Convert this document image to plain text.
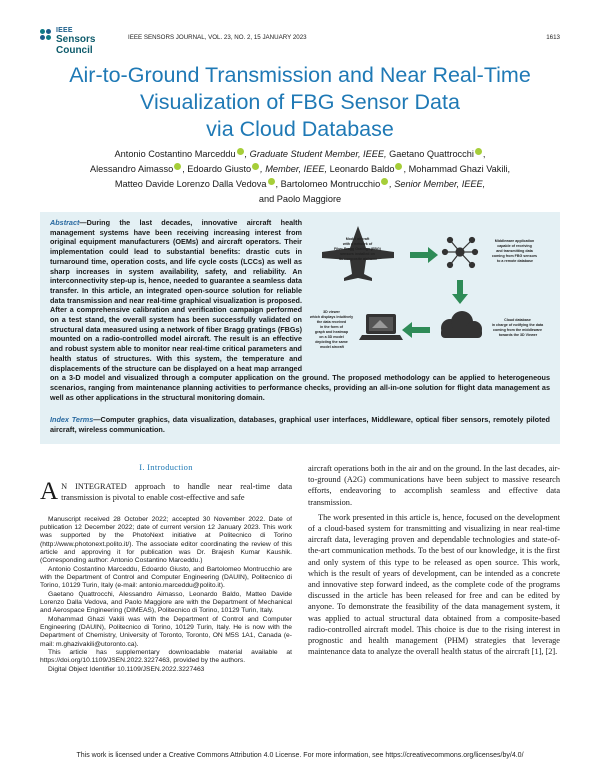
IEEE
Sensors Council
IEEE SENSORS JOURNAL, VOL. 23, NO. 2, 15 JANUARY 2023	1613
Air-to-Ground Transmission and Near Real-Time
Visualization of FBG Sensor Data
via Cloud Database
Antonio Costantino Marceddu , Graduate Student Member, IEEE, Gaetano Quattrocchi ,
Alessandro Aimasso , Edoardo Giusto , Member, IEEE, Leonardo Baldo , Mohammad Ghazi Vakili,
Matteo Davide Lorenzo Dalla Vedova , Bartolomeo Montrucchio , Senior Member, IEEE,
and Paolo Maggiore
Model aircraft with a network of Fiber Bragg Gratings (FBG) sensors installed on its composite airframe
Middleware application capable of receiving and transmitting data coming from FBG sensors to a remote database
Cloud database in charge of notifying the data coming from the middleware towards the 3D Viewer
3D viewer which displays intuitively the data received in the form of graph and heatmap on a 3D model depicting the same model aircraft
Abstract—During the last decades, innovative aircraft health management systems have been receiving increasing interest from original equipment manufacturers (OEMs) and aircraft operators. Their implementation could lead to substantial benefits: drastic cuts in turnaround time, operation costs, and life cycle costs (LCCs) as well as sharp increases in system availability, safety, and reliability. An interconnectivity step-up is, hence, needed to guarantee a seamless data transfer. In this article, an integrated open-source solution for reliable data transmission and near real-time graphical visualization is proposed. After a comprehensive calibration and verification campaign performed on a test stand, the overall system has been successfully validated on structural data measured using a network of fiber Bragg gratings (FBGs) mounted on a radio-controlled model aircraft. The result is an effective and robust system able to monitor near real-time critical parameters and health status of structures. With this system, the temperature and displacements of the structure can be displayed on a heat map arranged on a 3-D model and visualized through a computer application on the ground. The proposed methodology can be applied to heterogeneous scenarios, ranging from maintenance planning activities to performance checks, providing an all-in-one solution for flight data management as well as other applications in the structural monitoring domain.
Index Terms—Computer graphics, data visualization, databases, graphical user interfaces, Middleware, optical fiber sensors, remotely piloted aircraft, wireless communication.
I. Introduction
A N INTEGRATED approach to handle near real-time data transmission is pivotal to enable cost-effective and safe

Manuscript received 28 October 2022; accepted 30 November 2022. Date of publication 12 December 2022; date of current version 12 January 2023. This work was supported by the PhotoNext initiative at Politecnico di Torino (http://www.photonext.polito.it/). The associate editor coordinating the review of this article and approving it for publication was Dr. Brajesh Kumar Kaushik. (Corresponding author: Antonio Costantino Marceddu.)

Antonio Costantino Marceddu, Edoardo Giusto, and Bartolomeo Montrucchio are with the Department of Control and Computer Engineering (DAUIN), Politecnico di Torino, 10129 Turin, Italy (e-mail: antonio.marceddu@polito.it).

Gaetano Quattrocchi, Alessandro Aimasso, Leonardo Baldo, Matteo Davide Lorenzo Dalla Vedova, and Paolo Maggiore are with the Department of Mechanical and Aerospace Engineering (DIMEAS), Politecnico di Torino, 10129 Turin, Italy.

Mohammad Ghazi Vakili was with the Department of Control and Computer Engineering (DAUIN), Politecnico di Torino, 10129 Turin, Italy. He is now with the Department of Chemistry, University of Toronto, Toronto, ON M5S 1A1, Canada (e-mail: m.ghazivakili@utoronto.ca).

This article has supplementary downloadable material available at https://doi.org/10.1109/JSEN.2022.3227463, provided by the authors.

Digital Object Identifier 10.1109/JSEN.2022.3227463

aircraft operations both in the air and on the ground. In the last decades, air-to-ground (A2G) communications have been subject to massive research efforts, endeavoring to accomplish seamless and effective data transmission.

The work presented in this article is, hence, focused on the development of a cloud-based system for transmitting and visualizing in near real-time aircraft data, leveraging proven and dependable technologies and state-of-the-art communication methods. To the best of our knowledge, it is the first and only system of this type to be released as open source. This work, which is the result of years of development, can be intended as a concrete and innovative step forward indeed, as the complete code of the programs discussed in the article has been released for free and can be edited by anyone. To demonstrate the feasibility of the data management system, it was applied to actual structural data obtained from a composite-based radio-controlled aircraft model. This choice is due to the rising interest in prognostic and health management (PHM) strategies that leverage maintenance data to analyze the overall health status of the aircraft [1], [2].

This work is licensed under a Creative Commons Attribution 4.0 License. For more information, see https://creativecommons.org/licenses/by/4.0/
